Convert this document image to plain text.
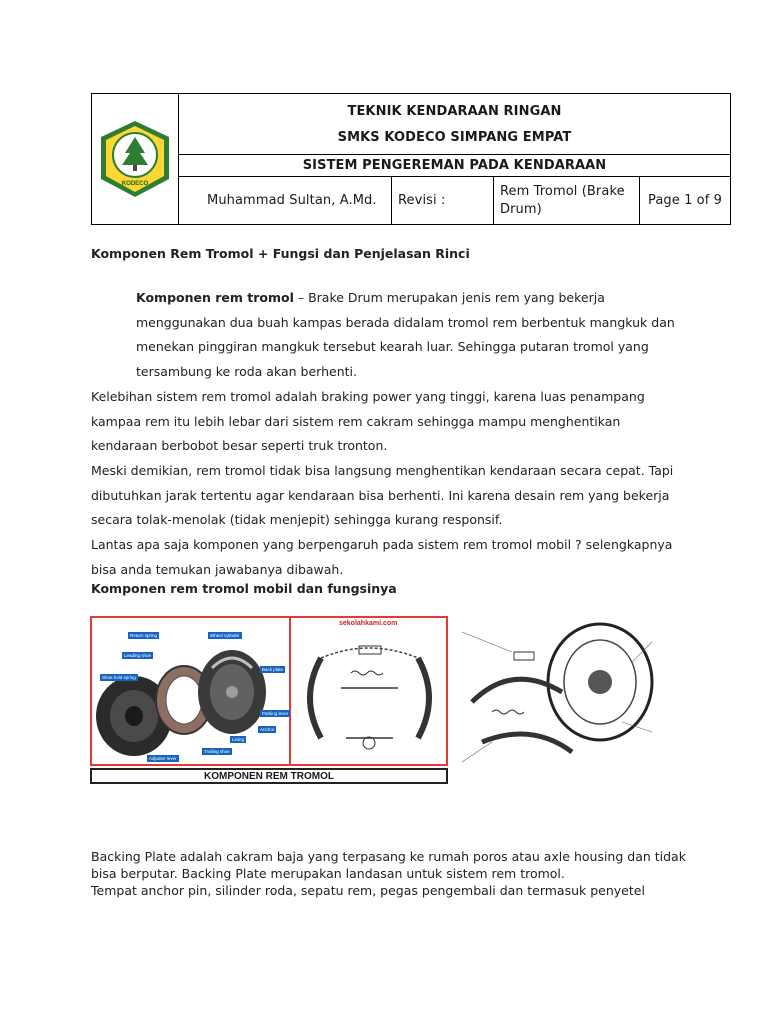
KODECO
TEKNIK KENDARAAN RINGAN
SMKS KODECO SIMPANG EMPAT
SISTEM PENGEREMAN PADA KENDARAAN
Muhammad Sultan, A.Md.	Revisi :
Rem Tromol (Brake Drum)
Page 1 of 9
Komponen Rem Tromol + Fungsi dan Penjelasan Rinci

Komponen rem tromol – Brake Drum merupakan jenis rem yang bekerja menggunakan dua buah kampas berada didalam tromol rem berbentuk mangkuk dan menekan pinggiran mangkuk tersebut kearah luar. Sehingga putaran tromol yang tersambung ke roda akan berhenti.

Kelebihan sistem rem tromol adalah braking power yang tinggi, karena luas penampang kampaa rem itu lebih lebar dari sistem rem cakram sehingga mampu menghentikan kendaraan berbobot besar seperti truk tronton.

Meski demikian, rem tromol tidak bisa langsung menghentikan kendaraan secara cepat. Tapi dibutuhkan jarak tertentu agar kendaraan bisa berhenti. Ini karena desain rem yang bekerja secara tolak-menolak (tidak menjepit) sehingga kurang responsif.

Lantas apa saja komponen yang berpengaruh pada sistem rem tromol mobil ? selengkapnya bisa anda temukan jawabanya dibawah.

Komponen rem tromol mobil dan fungsinya
Return spring	Wheel cylinder
Leading shoe
Shoe hold spring
Back plate
Parking lever
Anchor
Lining
Trailing shoe
Adjuster lever
sekolahkami.com
KOMPONEN REM TROMOL

Backing Plate adalah cakram baja yang terpasang ke rumah poros atau axle housing dan tidak bisa berputar. Backing Plate merupakan landasan untuk sistem rem tromol.

Tempat anchor pin, silinder roda, sepatu rem, pegas pengembali dan termasuk penyetel
